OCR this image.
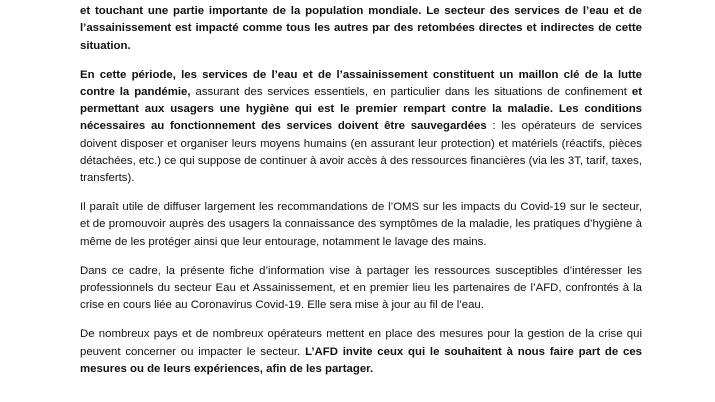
et touchant une partie importante de la population mondiale. Le secteur des services de l’eau et de l’assainissement est impacté comme tous les autres par des retombées directes et indirectes de cette situation.

En cette période, les services de l’eau et de l’assainissement constituent un maillon clé de la lutte contre la pandémie, assurant des services essentiels, en particulier dans les situations de confinement et permettant aux usagers une hygiène qui est le premier rempart contre la maladie. Les conditions nécessaires au fonctionnement des services doivent être sauvegardées : les opérateurs de services doivent disposer et organiser leurs moyens humains (en assurant leur protection) et matériels (réactifs, pièces détachées, etc.) ce qui suppose de continuer à avoir accès à des ressources financières (via les 3T, tarif, taxes, transferts).

Il paraît utile de diffuser largement les recommandations de l’OMS sur les impacts du Covid-19 sur le secteur, et de promouvoir auprès des usagers la connaissance des symptômes de la maladie, les pratiques d’hygiène à même de les protéger ainsi que leur entourage, notamment le lavage des mains.

Dans ce cadre, la présente fiche d’information vise à partager les ressources susceptibles d’intéresser les professionnels du secteur Eau et Assainissement, et en premier lieu les partenaires de l’AFD, confrontés à la crise en cours liée au Coronavirus Covid-19. Elle sera mise à jour au fil de l’eau.

De nombreux pays et de nombreux opérateurs mettent en place des mesures pour la gestion de la crise qui peuvent concerner ou impacter le secteur. L’AFD invite ceux qui le souhaitent à nous faire part de ces mesures ou de leurs expériences, afin de les partager.
